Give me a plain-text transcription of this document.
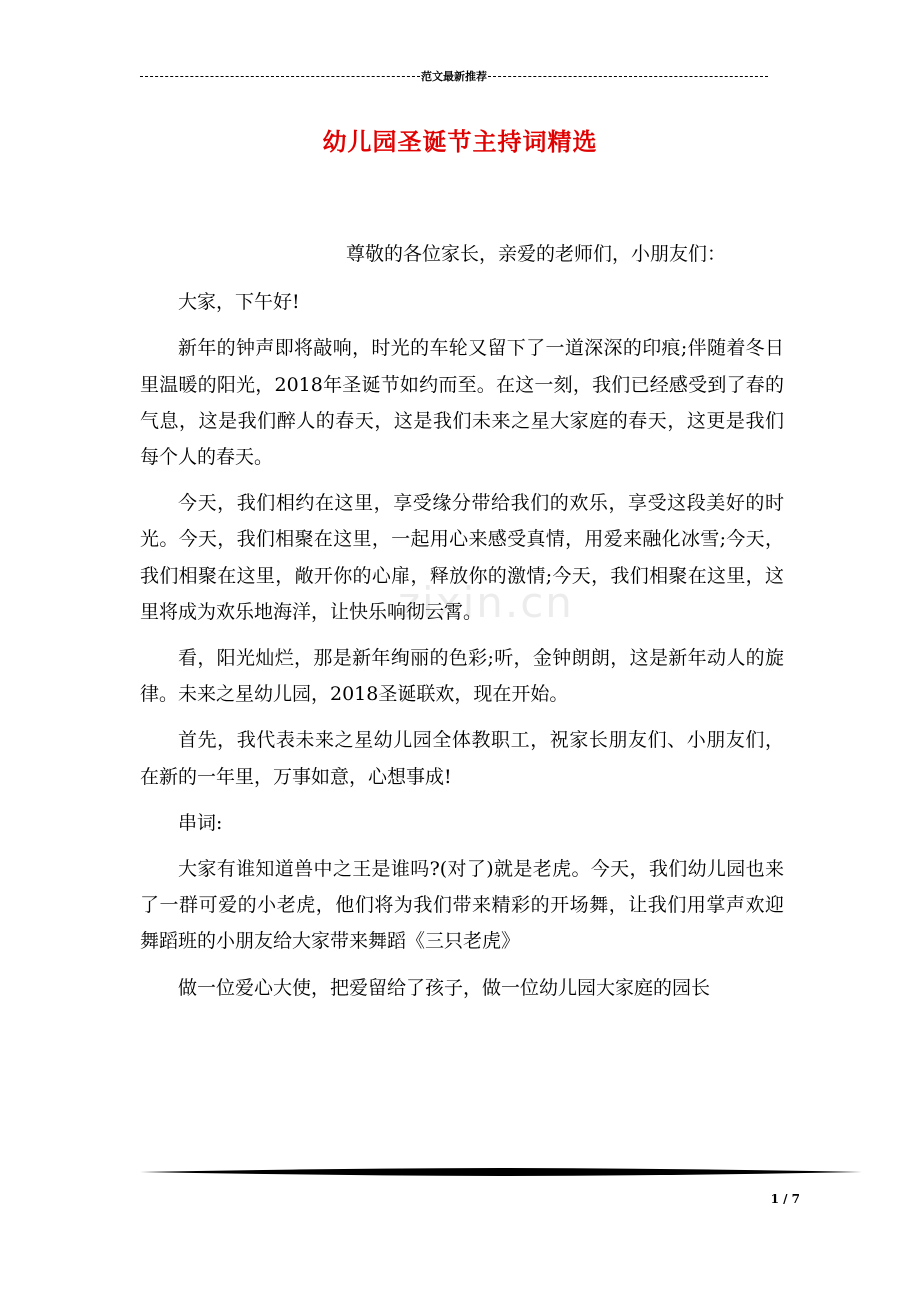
范文最新推荐
幼儿园圣诞节主持词精选
zixin.cn

尊敬的各位家长，亲爱的老师们，小朋友们：

大家，下午好!

新年的钟声即将敲响，时光的车轮又留下了一道深深的印痕;伴随着冬日里温暖的阳光，2018年圣诞节如约而至。在这一刻，我们已经感受到了春的气息，这是我们醉人的春天，这是我们未来之星大家庭的春天，这更是我们每个人的春天。

今天，我们相约在这里，享受缘分带给我们的欢乐，享受这段美好的时光。今天，我们相聚在这里，一起用心来感受真情，用爱来融化冰雪;今天，我们相聚在这里，敞开你的心扉，释放你的激情;今天，我们相聚在这里，这里将成为欢乐地海洋，让快乐响彻云霄。

看，阳光灿烂，那是新年绚丽的色彩;听，金钟朗朗，这是新年动人的旋律。未来之星幼儿园，2018圣诞联欢，现在开始。

首先，我代表未来之星幼儿园全体教职工，祝家长朋友们、小朋友们，在新的一年里，万事如意，心想事成!

串词:

大家有谁知道兽中之王是谁吗?(对了)就是老虎。今天，我们幼儿园也来了一群可爱的小老虎，他们将为我们带来精彩的开场舞，让我们用掌声欢迎舞蹈班的小朋友给大家带来舞蹈《三只老虎》

做一位爱心大使，把爱留给了孩子，做一位幼儿园大家庭的园长

1 / 7
